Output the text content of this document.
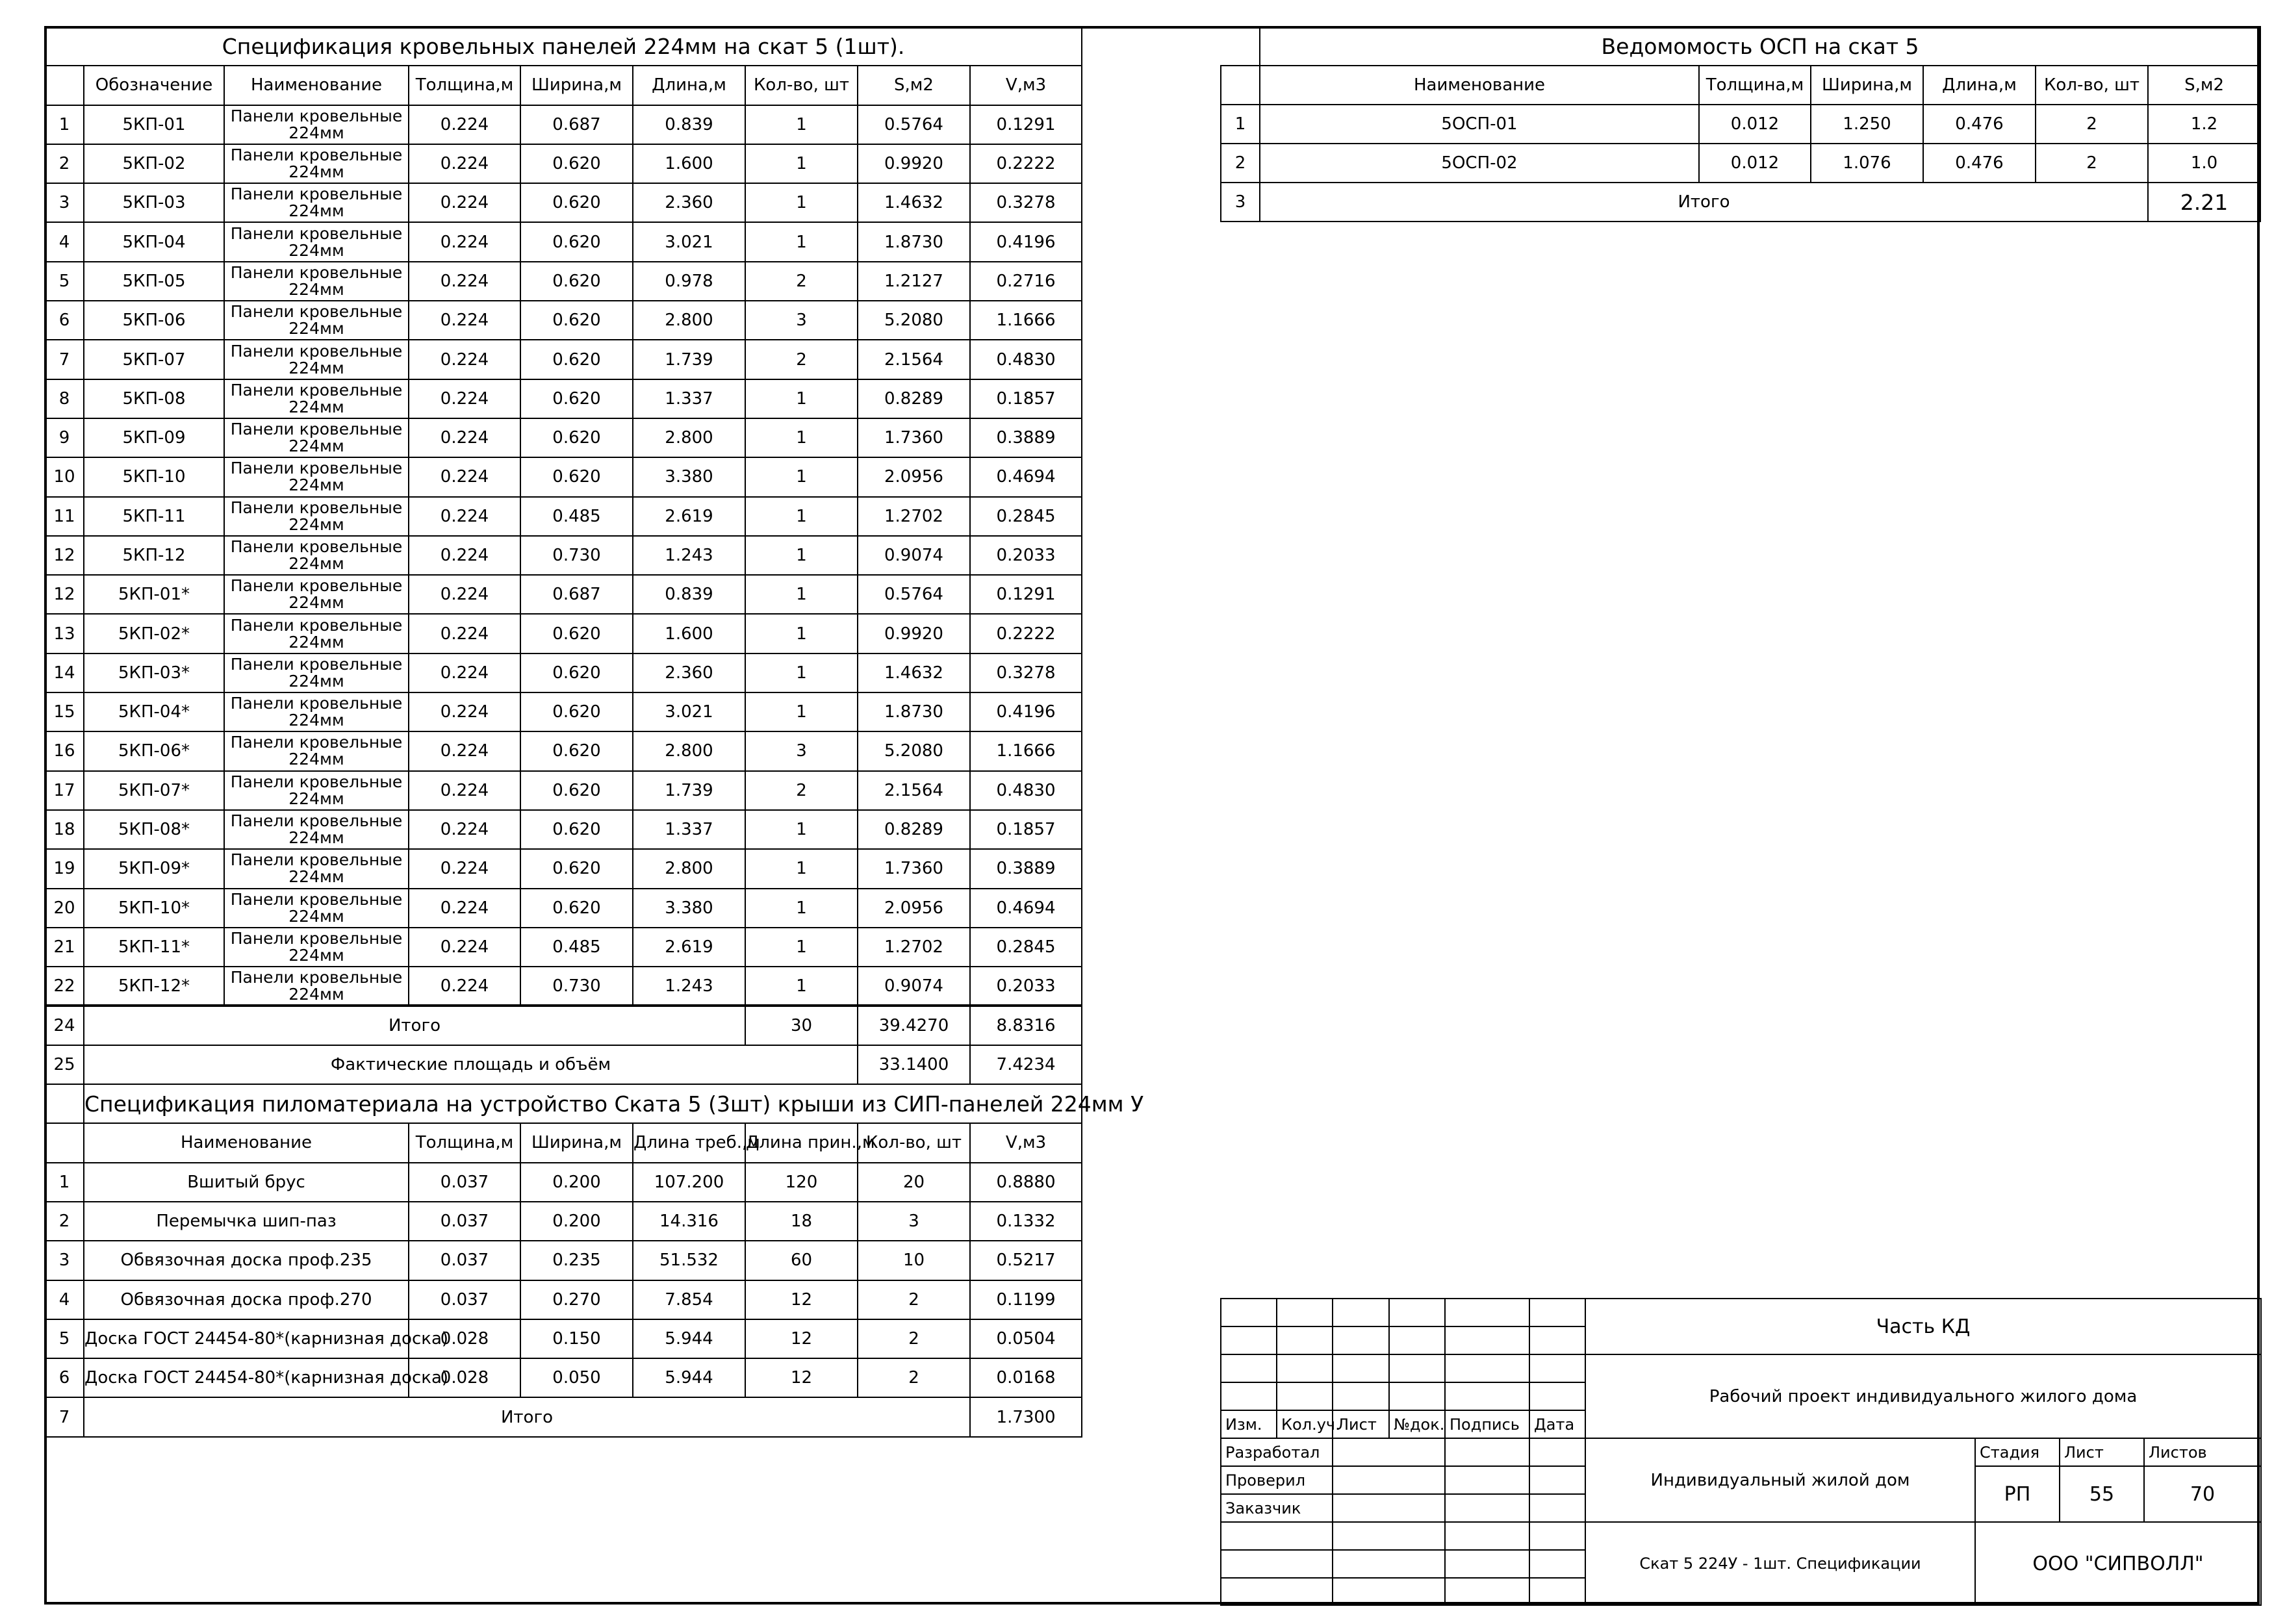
Спецификация кровельных панелей 224мм на скат 5 (1шт).								
	Обозначение	Наименование	Толщина,м	Ширина,м	Длина,м	Кол-во, шт	S,м2	V,м3
1	5КП-01	Панели кровельные 224мм	0.224	0.687	0.839	1	0.5764	0.1291
2	5КП-02	Панели кровельные 224мм	0.224	0.620	1.600	1	0.9920	0.2222
3	5КП-03	Панели кровельные 224мм	0.224	0.620	2.360	1	1.4632	0.3278
4	5КП-04	Панели кровельные 224мм	0.224	0.620	3.021	1	1.8730	0.4196
5	5КП-05	Панели кровельные 224мм	0.224	0.620	0.978	2	1.2127	0.2716
6	5КП-06	Панели кровельные 224мм	0.224	0.620	2.800	3	5.2080	1.1666
7	5КП-07	Панели кровельные 224мм	0.224	0.620	1.739	2	2.1564	0.4830
8	5КП-08	Панели кровельные 224мм	0.224	0.620	1.337	1	0.8289	0.1857
9	5КП-09	Панели кровельные 224мм	0.224	0.620	2.800	1	1.7360	0.3889
10	5КП-10	Панели кровельные 224мм	0.224	0.620	3.380	1	2.0956	0.4694
11	5КП-11	Панели кровельные 224мм	0.224	0.485	2.619	1	1.2702	0.2845
12	5КП-12	Панели кровельные 224мм	0.224	0.730	1.243	1	0.9074	0.2033
12	5КП-01*	Панели кровельные 224мм	0.224	0.687	0.839	1	0.5764	0.1291
13	5КП-02*	Панели кровельные 224мм	0.224	0.620	1.600	1	0.9920	0.2222
14	5КП-03*	Панели кровельные 224мм	0.224	0.620	2.360	1	1.4632	0.3278
15	5КП-04*	Панели кровельные 224мм	0.224	0.620	3.021	1	1.8730	0.4196
16	5КП-06*	Панели кровельные 224мм	0.224	0.620	2.800	3	5.2080	1.1666
17	5КП-07*	Панели кровельные 224мм	0.224	0.620	1.739	2	2.1564	0.4830
18	5КП-08*	Панели кровельные 224мм	0.224	0.620	1.337	1	0.8289	0.1857
19	5КП-09*	Панели кровельные 224мм	0.224	0.620	2.800	1	1.7360	0.3889
20	5КП-10*	Панели кровельные 224мм	0.224	0.620	3.380	1	2.0956	0.4694
21	5КП-11*	Панели кровельные 224мм	0.224	0.485	2.619	1	1.2702	0.2845
22	5КП-12*	Панели кровельные 224мм	0.224	0.730	1.243	1	0.9074	0.2033
24	Итого					30	39.4270	8.8316
25	Фактические площадь и объём						33.1400	7.4234
	Спецификация пиломатериала на устройство Ската 5 (3шт) крыши из СИП-панелей 224мм У							
	Наименование		Толщина,м	Ширина,м	Длина треб.,м	Длина прин.,м	Кол-во, шт	V,м3
1	Вшитый брус		0.037	0.200	107.200	120	20	0.8880
2	Перемычка шип-паз		0.037	0.200	14.316	18	3	0.1332
3	Обвязочная доска проф.235		0.037	0.235	51.532	60	10	0.5217
4	Обвязочная доска проф.270		0.037	0.270	7.854	12	2	0.1199
5	Доска ГОСТ 24454-80*(карнизная доска)		0.028	0.150	5.944	12	2	0.0504
6	Доска ГОСТ 24454-80*(карнизная доска)		0.028	0.050	5.944	12	2	0.0168
7	Итого							1.7300
	Ведомомость ОСП на скат 5					
	Наименование	Толщина,м	Ширина,м	Длина,м	Кол-во, шт	S,м2
1	5ОСП-01	0.012	1.250	0.476	2	1.2
2	5ОСП-02	0.012	1.076	0.476	2	1.0
3	Итого					2.21
						Часть КД			

						Рабочий проект индивидуального жилого дома			

Изм.	Кол.уч.	Лист	№док.	Подпись	Дата				
Разработал						Индивидуальный жилой дом	Стадия	Лист	Листов
Проверил							РП	55	70
Заказчик									
						Скат 5 224У - 1шт. Спецификации	ООО "СИПВОЛЛ"		
